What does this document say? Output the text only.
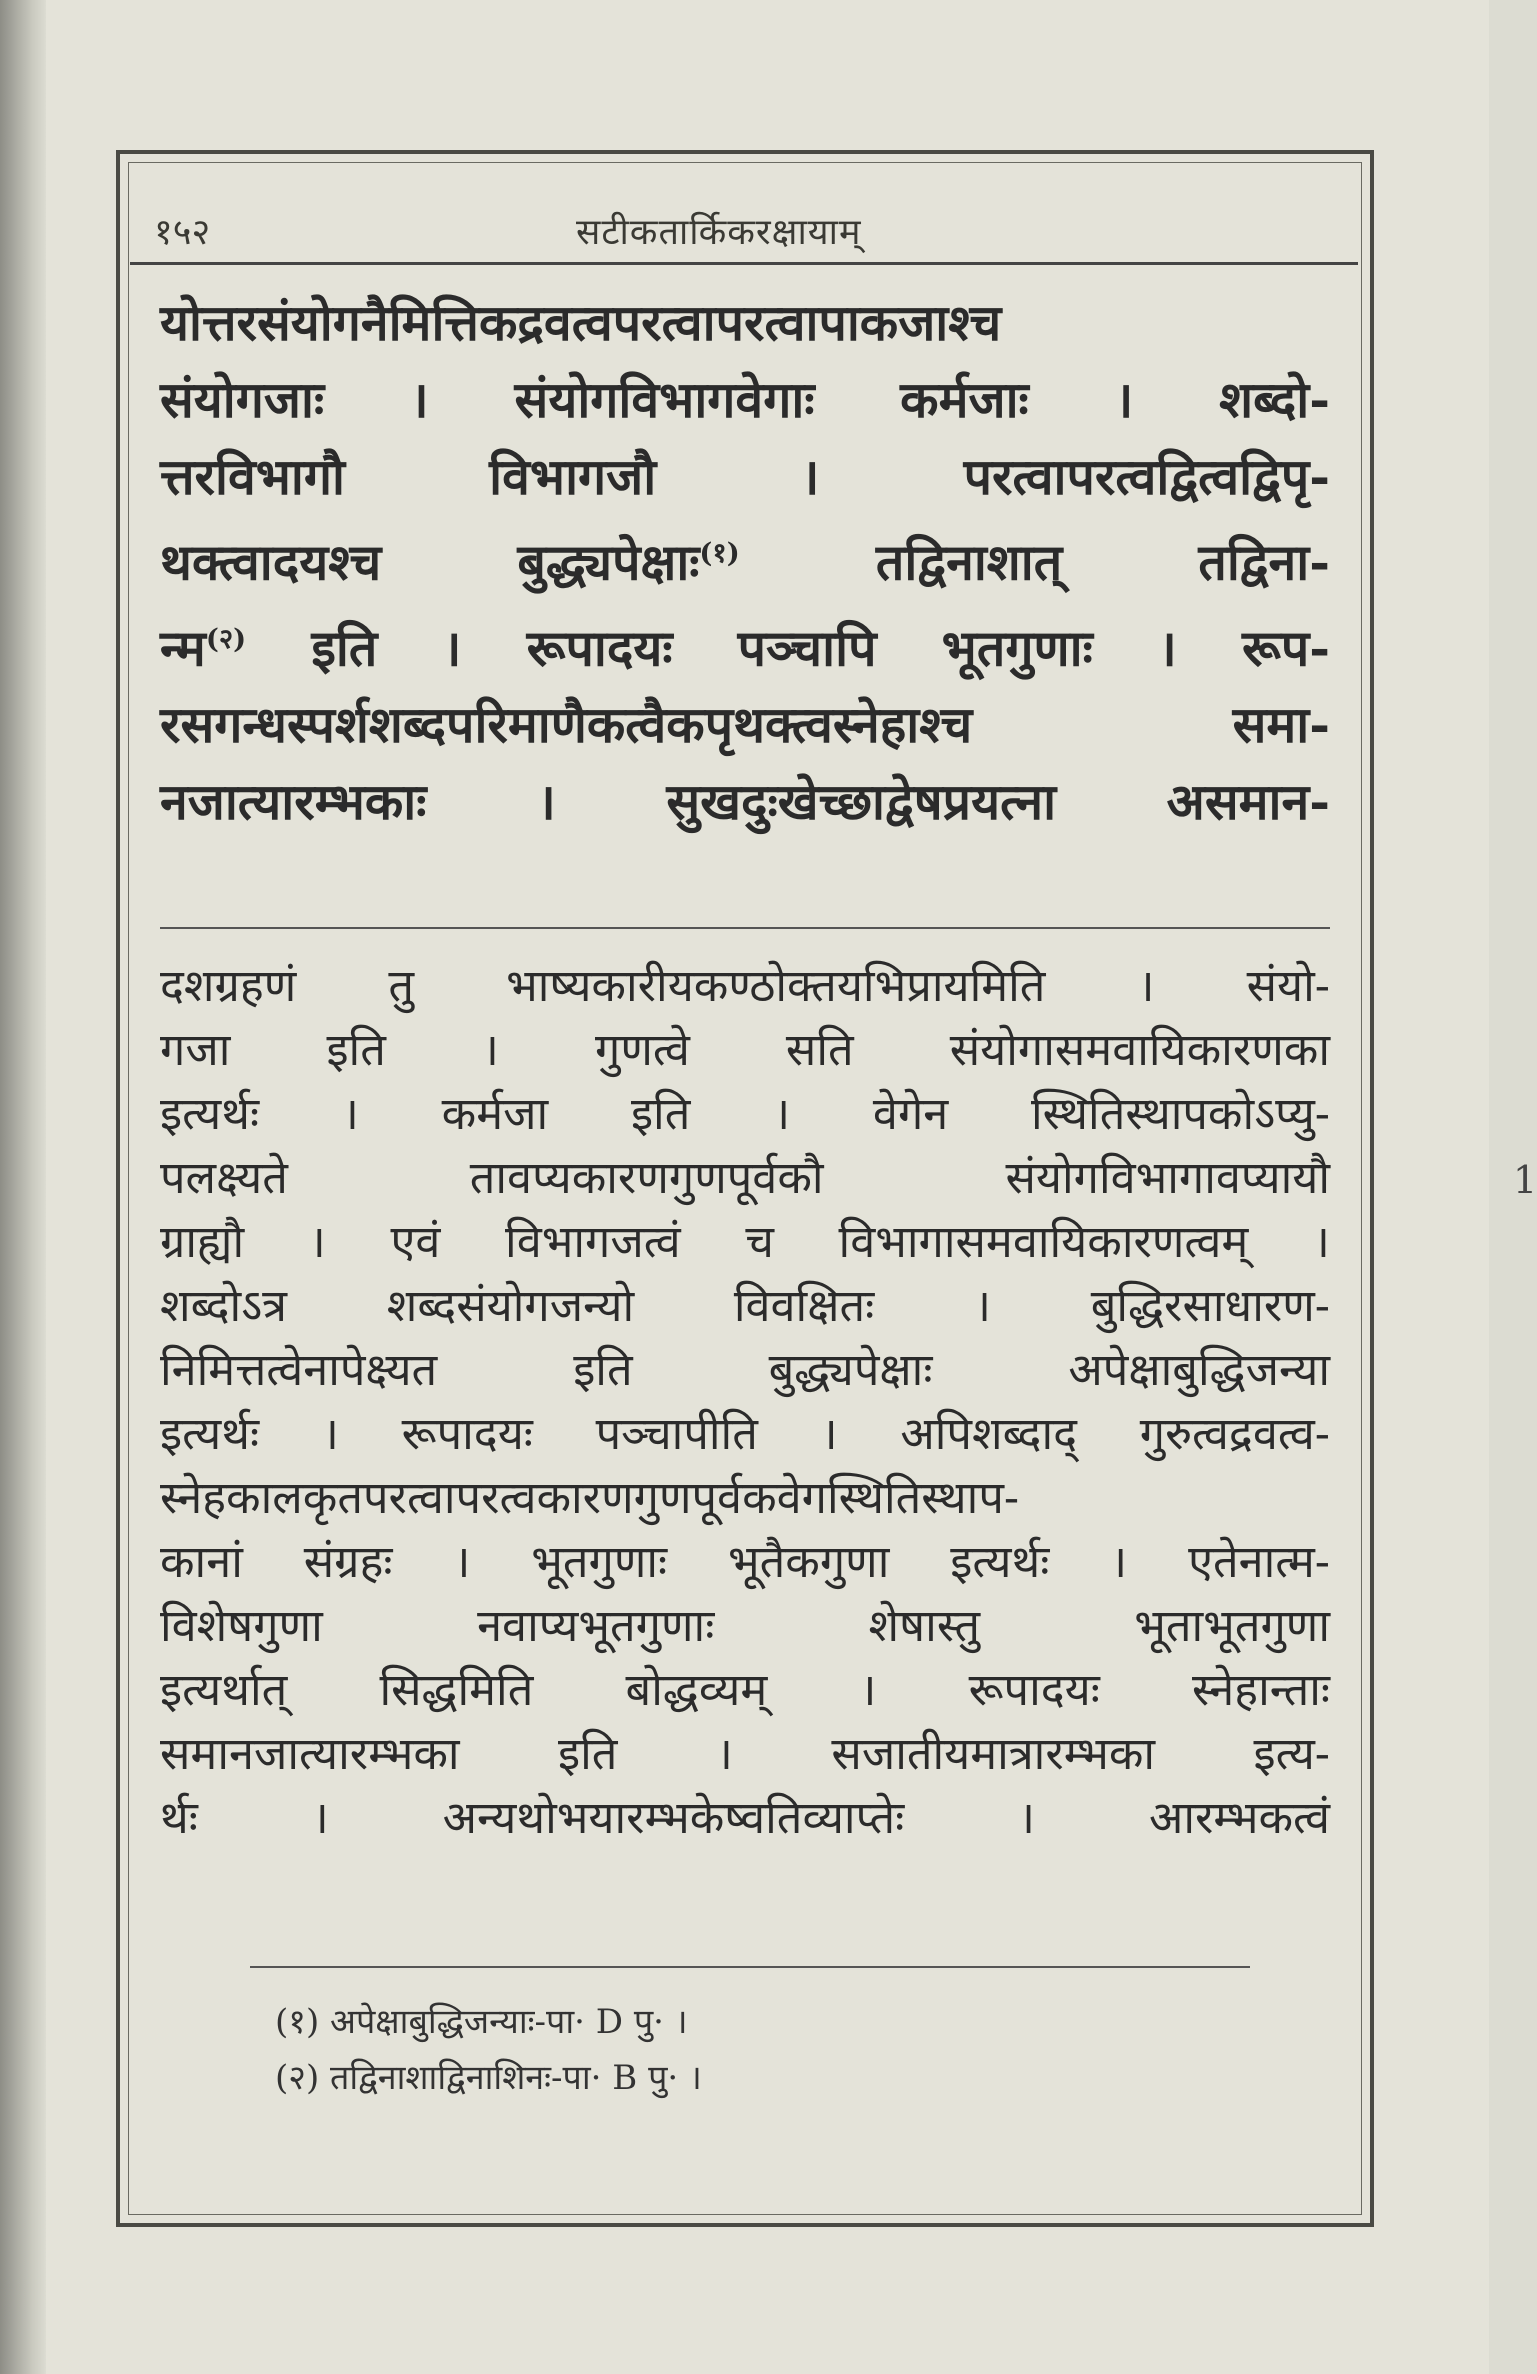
१५२	सटीकतार्किकरक्षायाम्
योत्तरसंयोगनैमित्तिकद्रवत्वपरत्वापरत्वापाकजाश्च
संयोगजाः । संयोगविभागवेगाः कर्मजाः । शब्दो-
त्तरविभागौ विभागजौ । परत्वापरत्वद्वित्वद्विपृ-
थक्त्वादयश्च बुद्ध्यपेक्षाः$^{(१)}$	तद्विनाशात् तद्विना-
न्म$^{(२)}$ इति । रूपादयः पञ्चापि भूतगुणाः । रूप-
रसगन्धस्पर्शशब्दपरिमाणैकत्वैकपृथक्त्वस्नेहाश्च समा-
नजात्यारम्भकाः । सुखदुःखेच्छाद्वेषप्रयत्ना असमान-
दशग्रहणं तु भाष्यकारीयकण्ठोक्तयभिप्रायमिति । संयो-
गजा इति । गुणत्वे सति संयोगासमवायिकारणका
इत्यर्थः । कर्मजा इति । वेगेन स्थितिस्थापकोऽप्यु-
पलक्ष्यते तावप्यकारणगुणपूर्वकौ संयोगविभागावप्यायौ
ग्राह्यौ । एवं विभागजत्वं च विभागासमवायिकारणत्वम् ।
शब्दोऽत्र शब्दसंयोगजन्यो विवक्षितः । बुद्धिरसाधारण-
निमित्तत्वेनापेक्ष्यत इति बुद्ध्यपेक्षाः अपेक्षाबुद्धिजन्या
इत्यर्थः । रूपादयः पञ्चापीति । अपिशब्दाद् गुरुत्वद्रवत्व-
स्नेहकालकृतपरत्वापरत्वकारणगुणपूर्वकवेगस्थितिस्थाप-
कानां संग्रहः । भूतगुणाः भूतैकगुणा इत्यर्थः । एतेनात्म-
विशेषगुणा नवाप्यभूतगुणाः शेषास्तु भूताभूतगुणा
इत्यर्थात् सिद्धमिति बोद्धव्यम् । रूपादयः स्नेहान्ताः
समानजात्यारम्भका इति । सजातीयमात्रारम्भका इत्य-
र्थः । अन्यथोभयारम्भकेष्वतिव्याप्तेः । आरम्भकत्वं
(१) अपेक्षाबुद्धिजन्याः-पा· D पु· ।
(२) तद्विनाशाद्विनाशिनः-पा· B पु· ।
1
